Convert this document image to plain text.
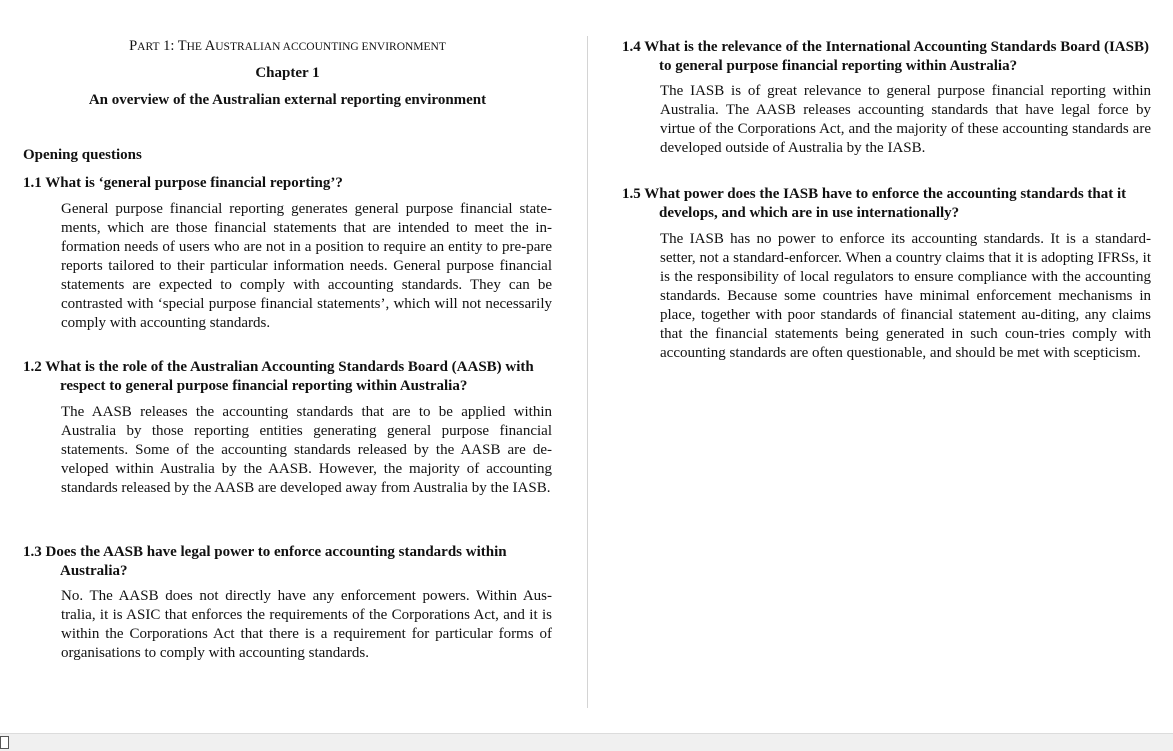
PART 1: THE AUSTRALIAN ACCOUNTING ENVIRONMENT
Chapter 1
An overview of the Australian external reporting environment
Opening questions
1.1 What is ‘general purpose financial reporting’?
General purpose financial reporting generates general purpose financial state-ments, which are those financial statements that are intended to meet the in-formation needs of users who are not in a position to require an entity to pre-pare reports tailored to their particular information needs. General purpose financial statements are expected to comply with accounting standards. They can be contrasted with ‘special purpose financial statements’, which will not necessarily comply with accounting standards.
1.2 What is the role of the Australian Accounting Standards Board (AASB) with respect to general purpose financial reporting within Australia?
The AASB releases the accounting standards that are to be applied within Australia by those reporting entities generating general purpose financial statements. Some of the accounting standards released by the AASB are de-veloped within Australia by the AASB. However, the majority of accounting standards released by the AASB are developed away from Australia by the IASB.
1.3 Does the AASB have legal power to enforce accounting standards within Australia?
No. The AASB does not directly have any enforcement powers. Within Aus-tralia, it is ASIC that enforces the requirements of the Corporations Act, and it is within the Corporations Act that there is a requirement for particular forms of organisations to comply with accounting standards.
1.4 What is the relevance of the International Accounting Standards Board (IASB) to general purpose financial reporting within Australia?
The IASB is of great relevance to general purpose financial reporting within Australia. The AASB releases accounting standards that have legal force by virtue of the Corporations Act, and the majority of these accounting standards are developed outside of Australia by the IASB.
1.5 What power does the IASB have to enforce the accounting standards that it develops, and which are in use internationally?
The IASB has no power to enforce its accounting standards. It is a standard-setter, not a standard-enforcer. When a country claims that it is adopting IFRSs, it is the responsibility of local regulators to ensure compliance with the accounting standards. Because some countries have minimal enforcement mechanisms in place, together with poor standards of financial statement au-diting, any claims that the financial statements being generated in such coun-tries comply with accounting standards are often questionable, and should be met with scepticism.
